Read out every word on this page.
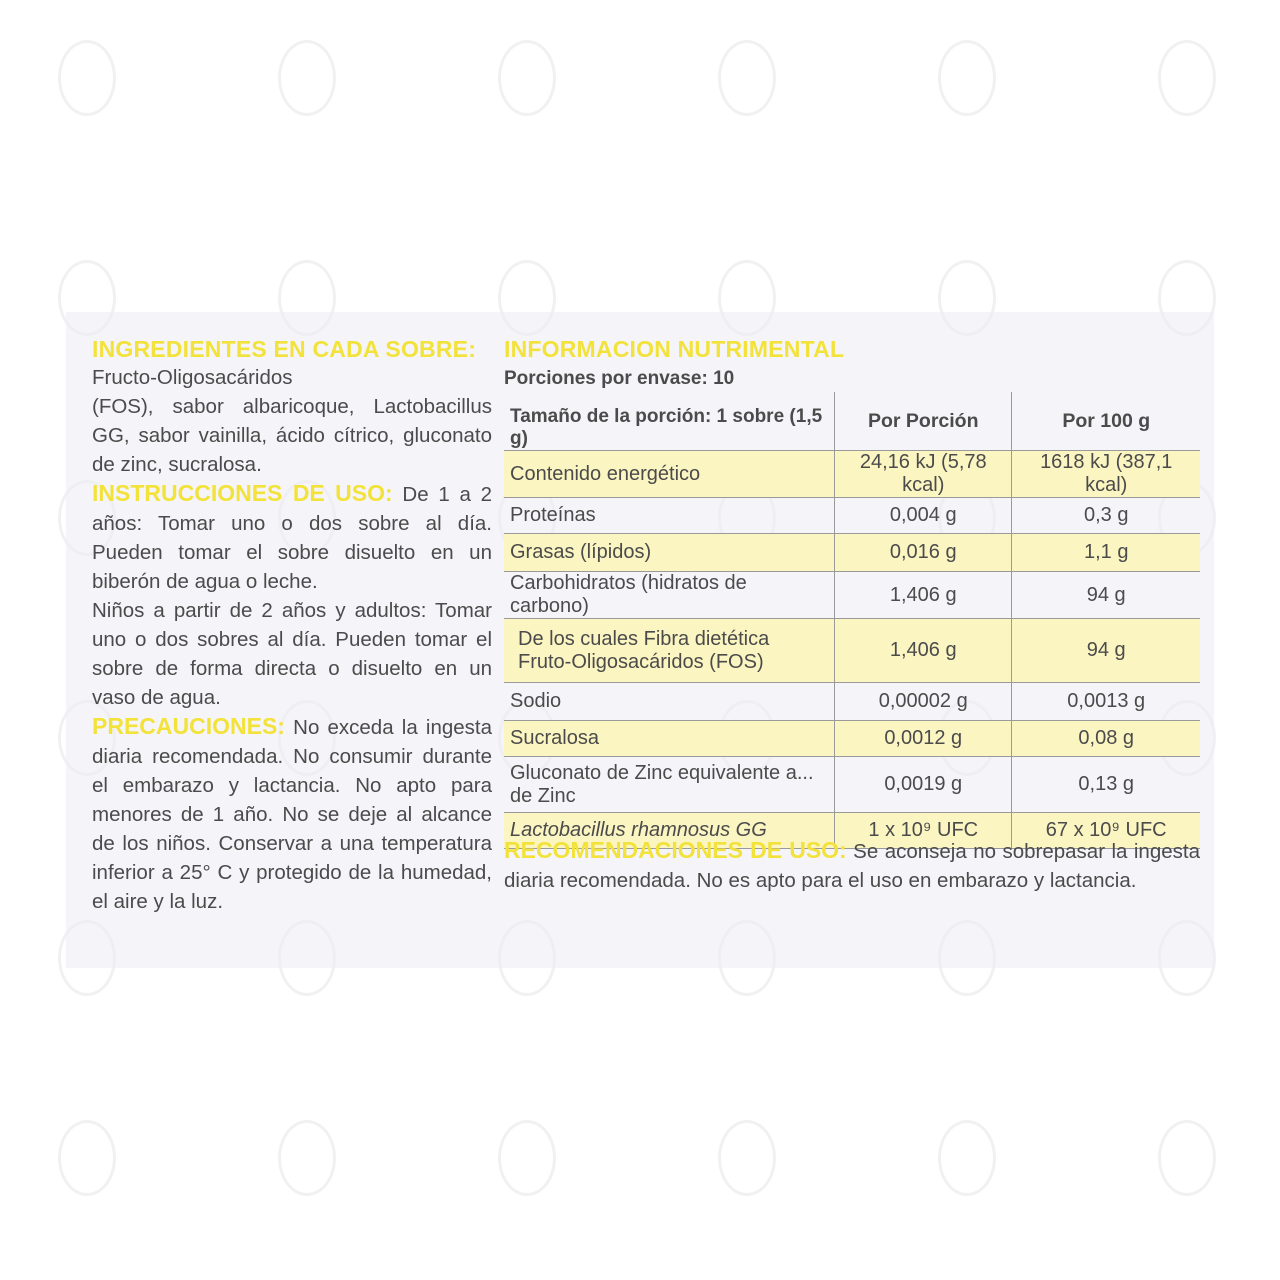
INGREDIENTES EN CADA SOBRE:
Fructo-Oligosacáridos
(FOS), sabor albaricoque, Lactobacillus GG, sabor vainilla, ácido cítrico, gluconato de zinc, sucralosa.
INSTRUCCIONES DE USO: De 1 a 2 años: Tomar uno o dos sobre al día. Pueden tomar el sobre disuelto en un biberón de agua o leche.
Niños a partir de 2 años y adultos: Tomar uno o dos sobres al día. Pueden tomar el sobre de forma directa o disuelto en un vaso de agua.
PRECAUCIONES: No exceda la ingesta diaria recomendada. No consumir durante el embarazo y lactancia. No apto para menores de 1 año. No se deje al alcance de los niños. Conservar a una temperatura inferior a 25° C y protegido de la humedad, el aire y la luz.
INFORMACION NUTRIMENTAL
Porciones por envase: 10
Tamaño de la porción: 1 sobre (1,5 g)	Por Porción	Por 100 g
Contenido energético	24,16 kJ (5,78 kcal)	1618 kJ (387,1 kcal)
Proteínas	0,004 g	0,3 g
Grasas (lípidos)	0,016 g	1,1 g
Carbohidratos (hidratos de carbono)	1,406 g	94 g
De los cuales Fibra dietética Fruto-Oligosacáridos (FOS)	1,406 g	94 g
Sodio	0,00002 g	0,0013 g
Sucralosa	0,0012 g	0,08 g
Gluconato de Zinc equivalente a... de Zinc	0,0019 g	0,13 g
Lactobacillus rhamnosus GG	1 x 10⁹ UFC	67 x 10⁹ UFC
RECOMENDACIONES DE USO: Se aconseja no sobrepasar la ingesta diaria recomendada. No es apto para el uso en embarazo y lactancia.
